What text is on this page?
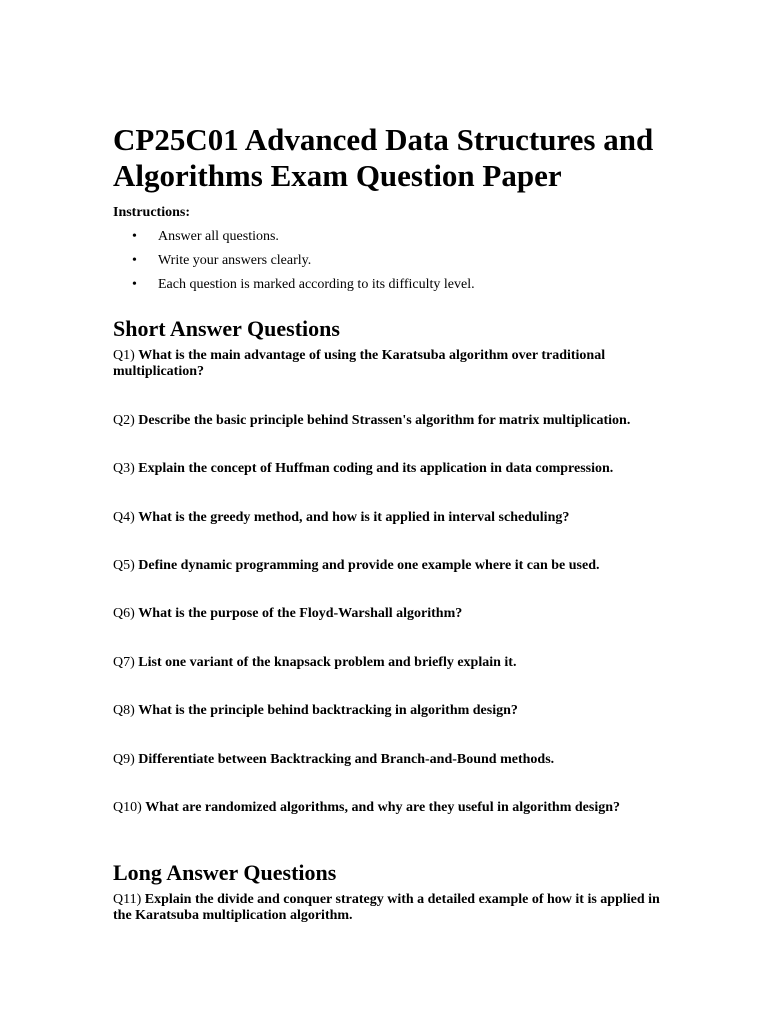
CP25C01 Advanced Data Structures and Algorithms Exam Question Paper
Instructions:
• Answer all questions.
• Write your answers clearly.
• Each question is marked according to its difficulty level.
Short Answer Questions
Q1) What is the main advantage of using the Karatsuba algorithm over traditional multiplication?
Q2) Describe the basic principle behind Strassen's algorithm for matrix multiplication.
Q3) Explain the concept of Huffman coding and its application in data compression.
Q4) What is the greedy method, and how is it applied in interval scheduling?
Q5) Define dynamic programming and provide one example where it can be used.
Q6) What is the purpose of the Floyd-Warshall algorithm?
Q7) List one variant of the knapsack problem and briefly explain it.
Q8) What is the principle behind backtracking in algorithm design?
Q9) Differentiate between Backtracking and Branch-and-Bound methods.
Q10) What are randomized algorithms, and why are they useful in algorithm design?
Long Answer Questions
Q11) Explain the divide and conquer strategy with a detailed example of how it is applied in the Karatsuba multiplication algorithm.
